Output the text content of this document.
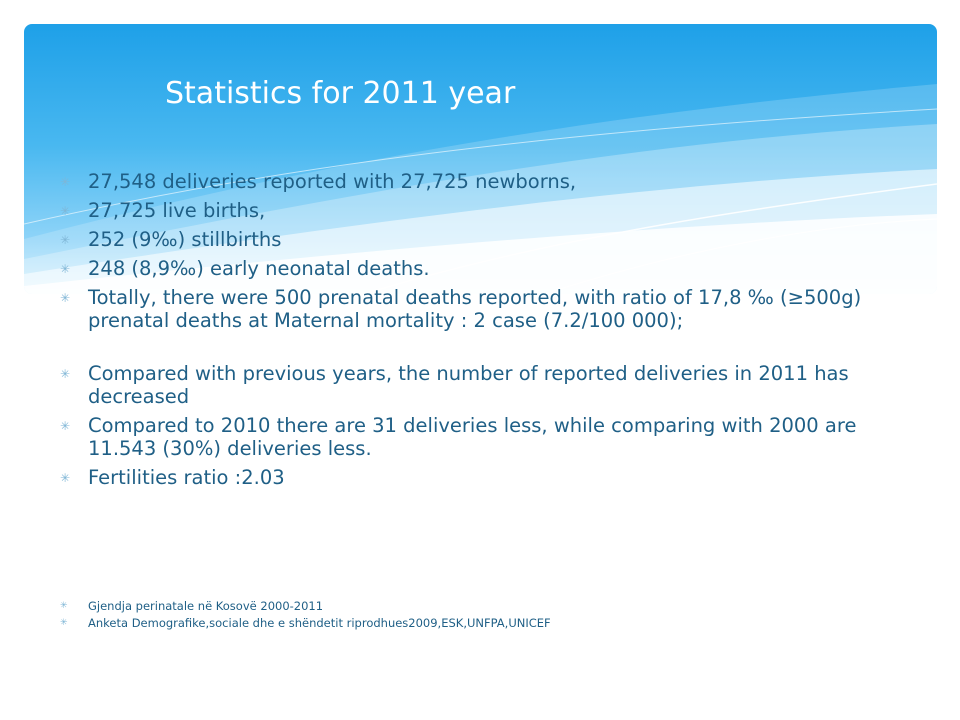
Statistics for 2011 year
✳ 27,548 deliveries reported with 27,725 newborns,
✳ 27,725 live births,
✳ 252 (9‰) stillbirths
✳ 248 (8,9‰) early neonatal deaths.
✳ Totally, there were 500 prenatal deaths reported, with ratio of 17,8 ‰ (≥500g) prenatal deaths at Maternal mortality : 2 case (7.2/100 000);
✳ Compared with previous years, the number of reported deliveries in 2011 has decreased
✳ Compared to 2010 there are 31 deliveries less, while comparing with 2000 are 11.543 (30%) deliveries less.
✳ Fertilities ratio :2.03
✳ Gjendja perinatale në Kosovë 2000-2011
✳ Anketa Demografike,sociale dhe e shëndetit riprodhues2009,ESK,UNFPA,UNICEF
